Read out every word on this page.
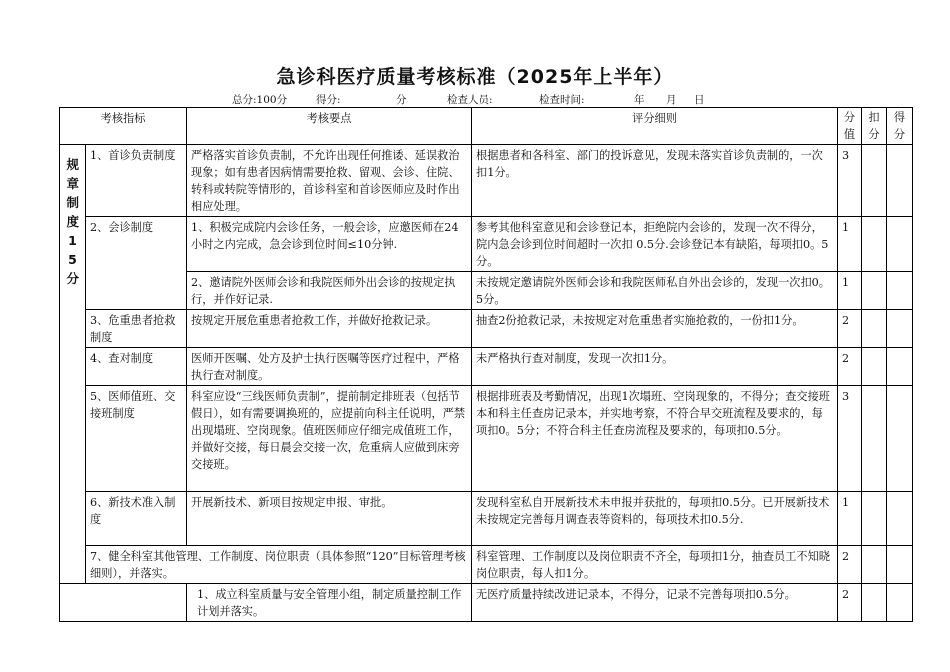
急诊科医疗质量考核标准（2025年上半年）
总分:100分	得分:	分	检查人员:	检查时间:	年 月 日
考核指标		考核要点	评分细则	分值	扣分	得分

规章制度15分	1、首诊负责制度	严格落实首诊负责制，不允许出现任何推诿、延误救治现象；如有患者因病情需要抢救、留观、会诊、住院、转科或转院等情形的，首诊科室和首诊医师应及时作出相应处理。	根据患者和各科室、部门的投诉意见，发现未落实首诊负责制的，一次扣1分。	3		
	2、会诊制度	1、积极完成院内会诊任务，一般会诊，应邀医师在24小时之内完成，急会诊到位时间≤10分钟.	参考其他科室意见和会诊登记本，拒绝院内会诊的，发现一次不得分，院内急会诊到位时间超时一次扣 0.5分.会诊登记本有缺陷，每项扣0。5分。	1		
		2、邀请院外医师会诊和我院医师外出会诊的按规定执行，并作好记录.	未按规定邀请院外医师会诊和我院医师私自外出会诊的，发现一次扣0。5分。	1		
	3、危重患者抢救制度	按规定开展危重患者抢救工作，并做好抢救记录。	抽查2份抢救记录，未按规定对危重患者实施抢救的，一份扣1分。	2		
	4、查对制度	医师开医嘱、处方及护士执行医嘱等医疗过程中，严格执行查对制度。	未严格执行查对制度，发现一次扣1分。	2		
	5、医师值班、交接班制度	科室应设“三线医师负责制”，提前制定排班表（包括节假日），如有需要调换班的，应提前向科主任说明，严禁出现塌班、空岗现象。值班医师应仔细完成值班工作，并做好交接，每日晨会交接一次，危重病人应做到床旁交接班。	根据排班表及考勤情况，出现1次塌班、空岗现象的，不得分；查交接班本和科主任查房记录本，并实地考察，不符合早交班流程及要求的，每项扣0。5分；不符合科主任查房流程及要求的，每项扣0.5分。	3		
	6、新技术准入制度	开展新技术、新项目按规定申报、审批。	发现科室私自开展新技术未申报并获批的，每项扣0.5分。已开展新技术未按规定完善每月调查表等资料的，每项技术扣0.5分.	1		
	7、健全科室其他管理、工作制度、岗位职责（具体参照“120”目标管理考核细则），并落实。		科室管理、工作制度以及岗位职责不齐全，每项扣1分，抽查员工不知晓岗位职责，每人扣1分。	2		
		1、成立科室质量与安全管理小组，制定质量控制工作计划并落实。	无医疗质量持续改进记录本，不得分，记录不完善每项扣0.5分。	2		
